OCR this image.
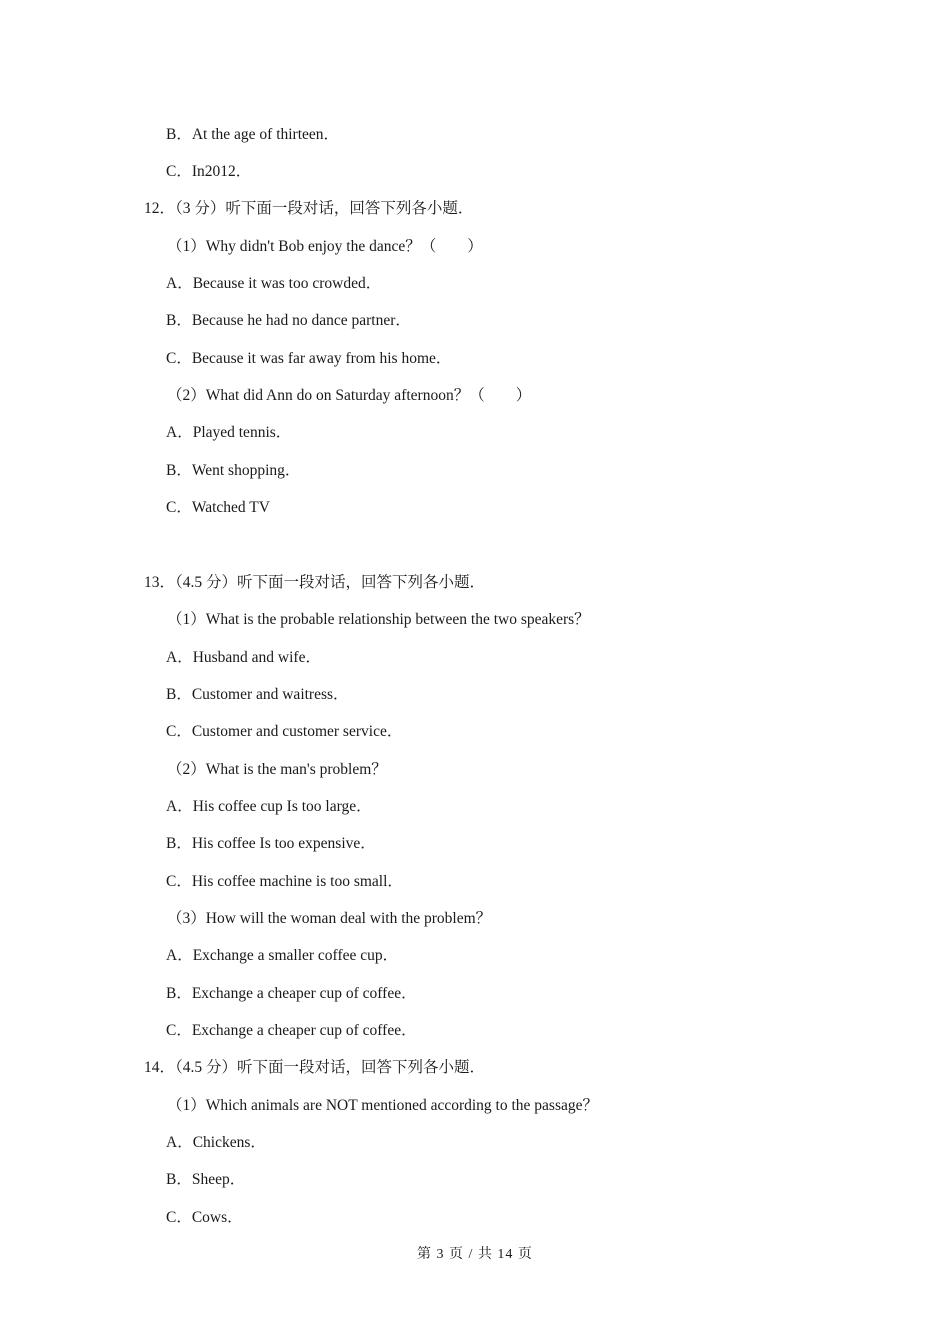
B．At the age of thirteen．
C．In2012．
12．（3 分）听下面一段对话，回答下列各小题．
（1）Why didn't Bob enjoy the dance？（　　）
A．Because it was too crowded．
B．Because he had no dance partner．
C．Because it was far away from his home．
（2）What did Ann do on Saturday afternoon？（　　）
A．Played tennis．
B．Went shopping．
C．Watched TV
13．（4.5 分）听下面一段对话，回答下列各小题．
（1）What is the probable relationship between the two speakers？
A．Husband and wife．
B．Customer and waitress．
C．Customer and customer service．
（2）What is the man's problem？
A．His coffee cup Is too large．
B．His coffee Is too expensive．
C．His coffee machine is too small．
（3）How will the woman deal with the problem？
A．Exchange a smaller coffee cup．
B．Exchange a cheaper cup of coffee．
C．Exchange a cheaper cup of coffee．
14．（4.5 分）听下面一段对话，回答下列各小题．
（1）Which animals are NOT mentioned according to the passage？
A．Chickens．
B．Sheep．
C．Cows．
第 3 页 / 共 14 页
